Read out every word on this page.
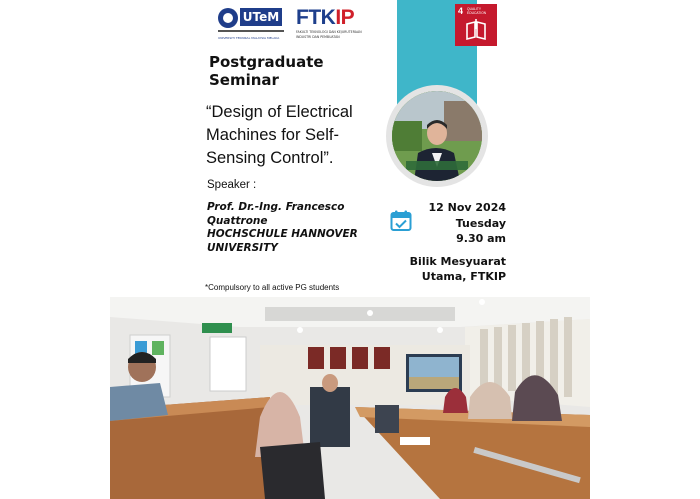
UTeM
UNIVERSITI TEKNIKAL MALAYSIA MELAKA
FTKIP
FAKULTI TEKNOLOGI DAN KEJURUTERAAN
INDUSTRI DAN PEMBUATAN
4 QUALITY
EDUCATION
Postgraduate
Seminar
“Design of Electrical
Machines for Self-
Sensing Control”.
Speaker :
Prof. Dr.-Ing. Francesco
Quattrone
HOCHSCHULE HANNOVER
UNIVERSITY
12 Nov 2024
Tuesday
9.30 am
Bilik Mesyuarat
Utama, FTKIP
*Compulsory to all active PG students
